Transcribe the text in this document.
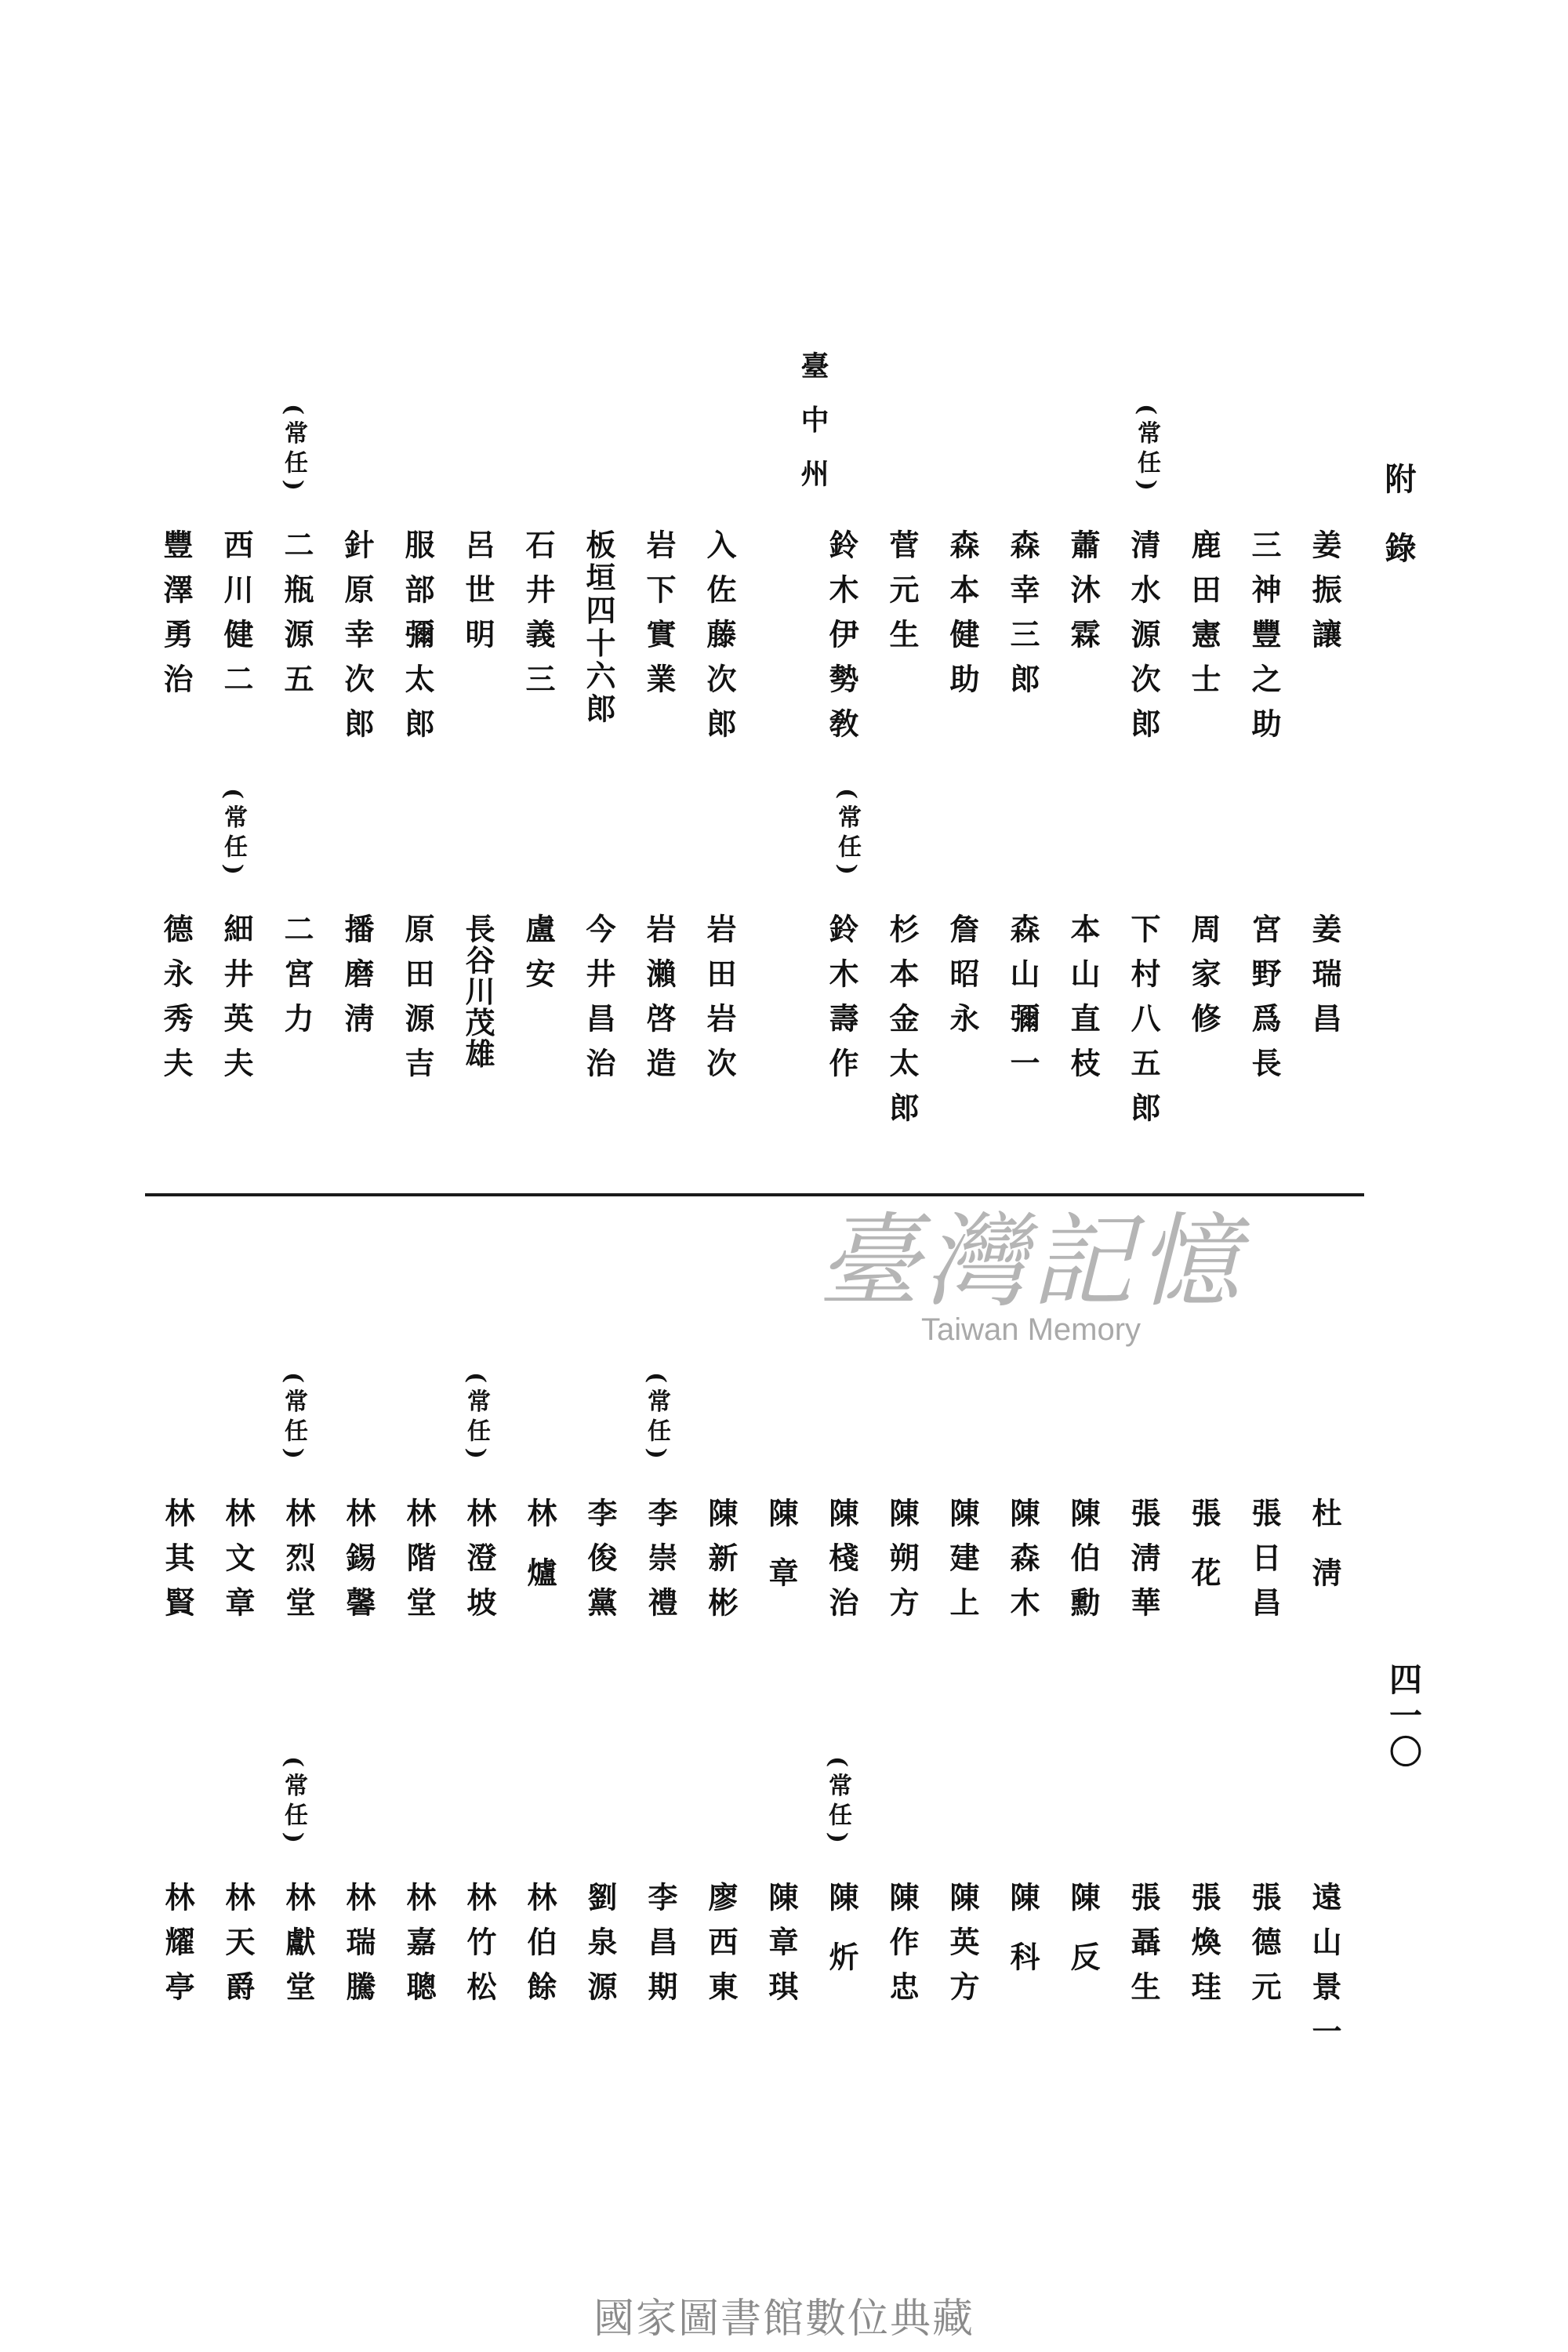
附錄
臺中州
四一〇
(常任)
(常任)
姜振讓
三神豐之助
鹿田憲士
清水源次郎
蕭沐霖
森幸三郎
森本健助
菅元生
鈴木伊勢敎
姜瑞昌
宮野爲長
周家修
下村八五郎
本山直枝
森山彌一
詹昭永
杉本金太郎
鈴木壽作
(常任)
(常任)
入佐藤次郎
岩下實業
板垣四十六郎
石井義三
呂世明
服部彌太郎
針原幸次郎
二瓶源五
西川健二
豐澤勇治
岩田岩次
岩瀨啓造
今井昌治
盧安
長谷川茂雄
原田源吉
播磨淸
二宮力
細井英夫
德永秀夫
臺灣記憶
Taiwan Memory
(常任)
(常任)
(常任)
(常任)
(常任)
杜淸
張日昌
張花
張淸華
陳伯勳
陳森木
陳建上
陳朔方
陳棧治
陳章
陳新彬
李崇禮
李俊黨
林爐
林澄坡
林階堂
林錫馨
林烈堂
林文章
林其賢
遠山景一
張德元
張煥珪
張聶生
陳反
陳科
陳英方
陳作忠
陳炘
陳章琪
廖西東
李昌期
劉泉源
林伯餘
林竹松
林嘉聰
林瑞騰
林獻堂
林天爵
林耀亭
國家圖書館數位典藏
